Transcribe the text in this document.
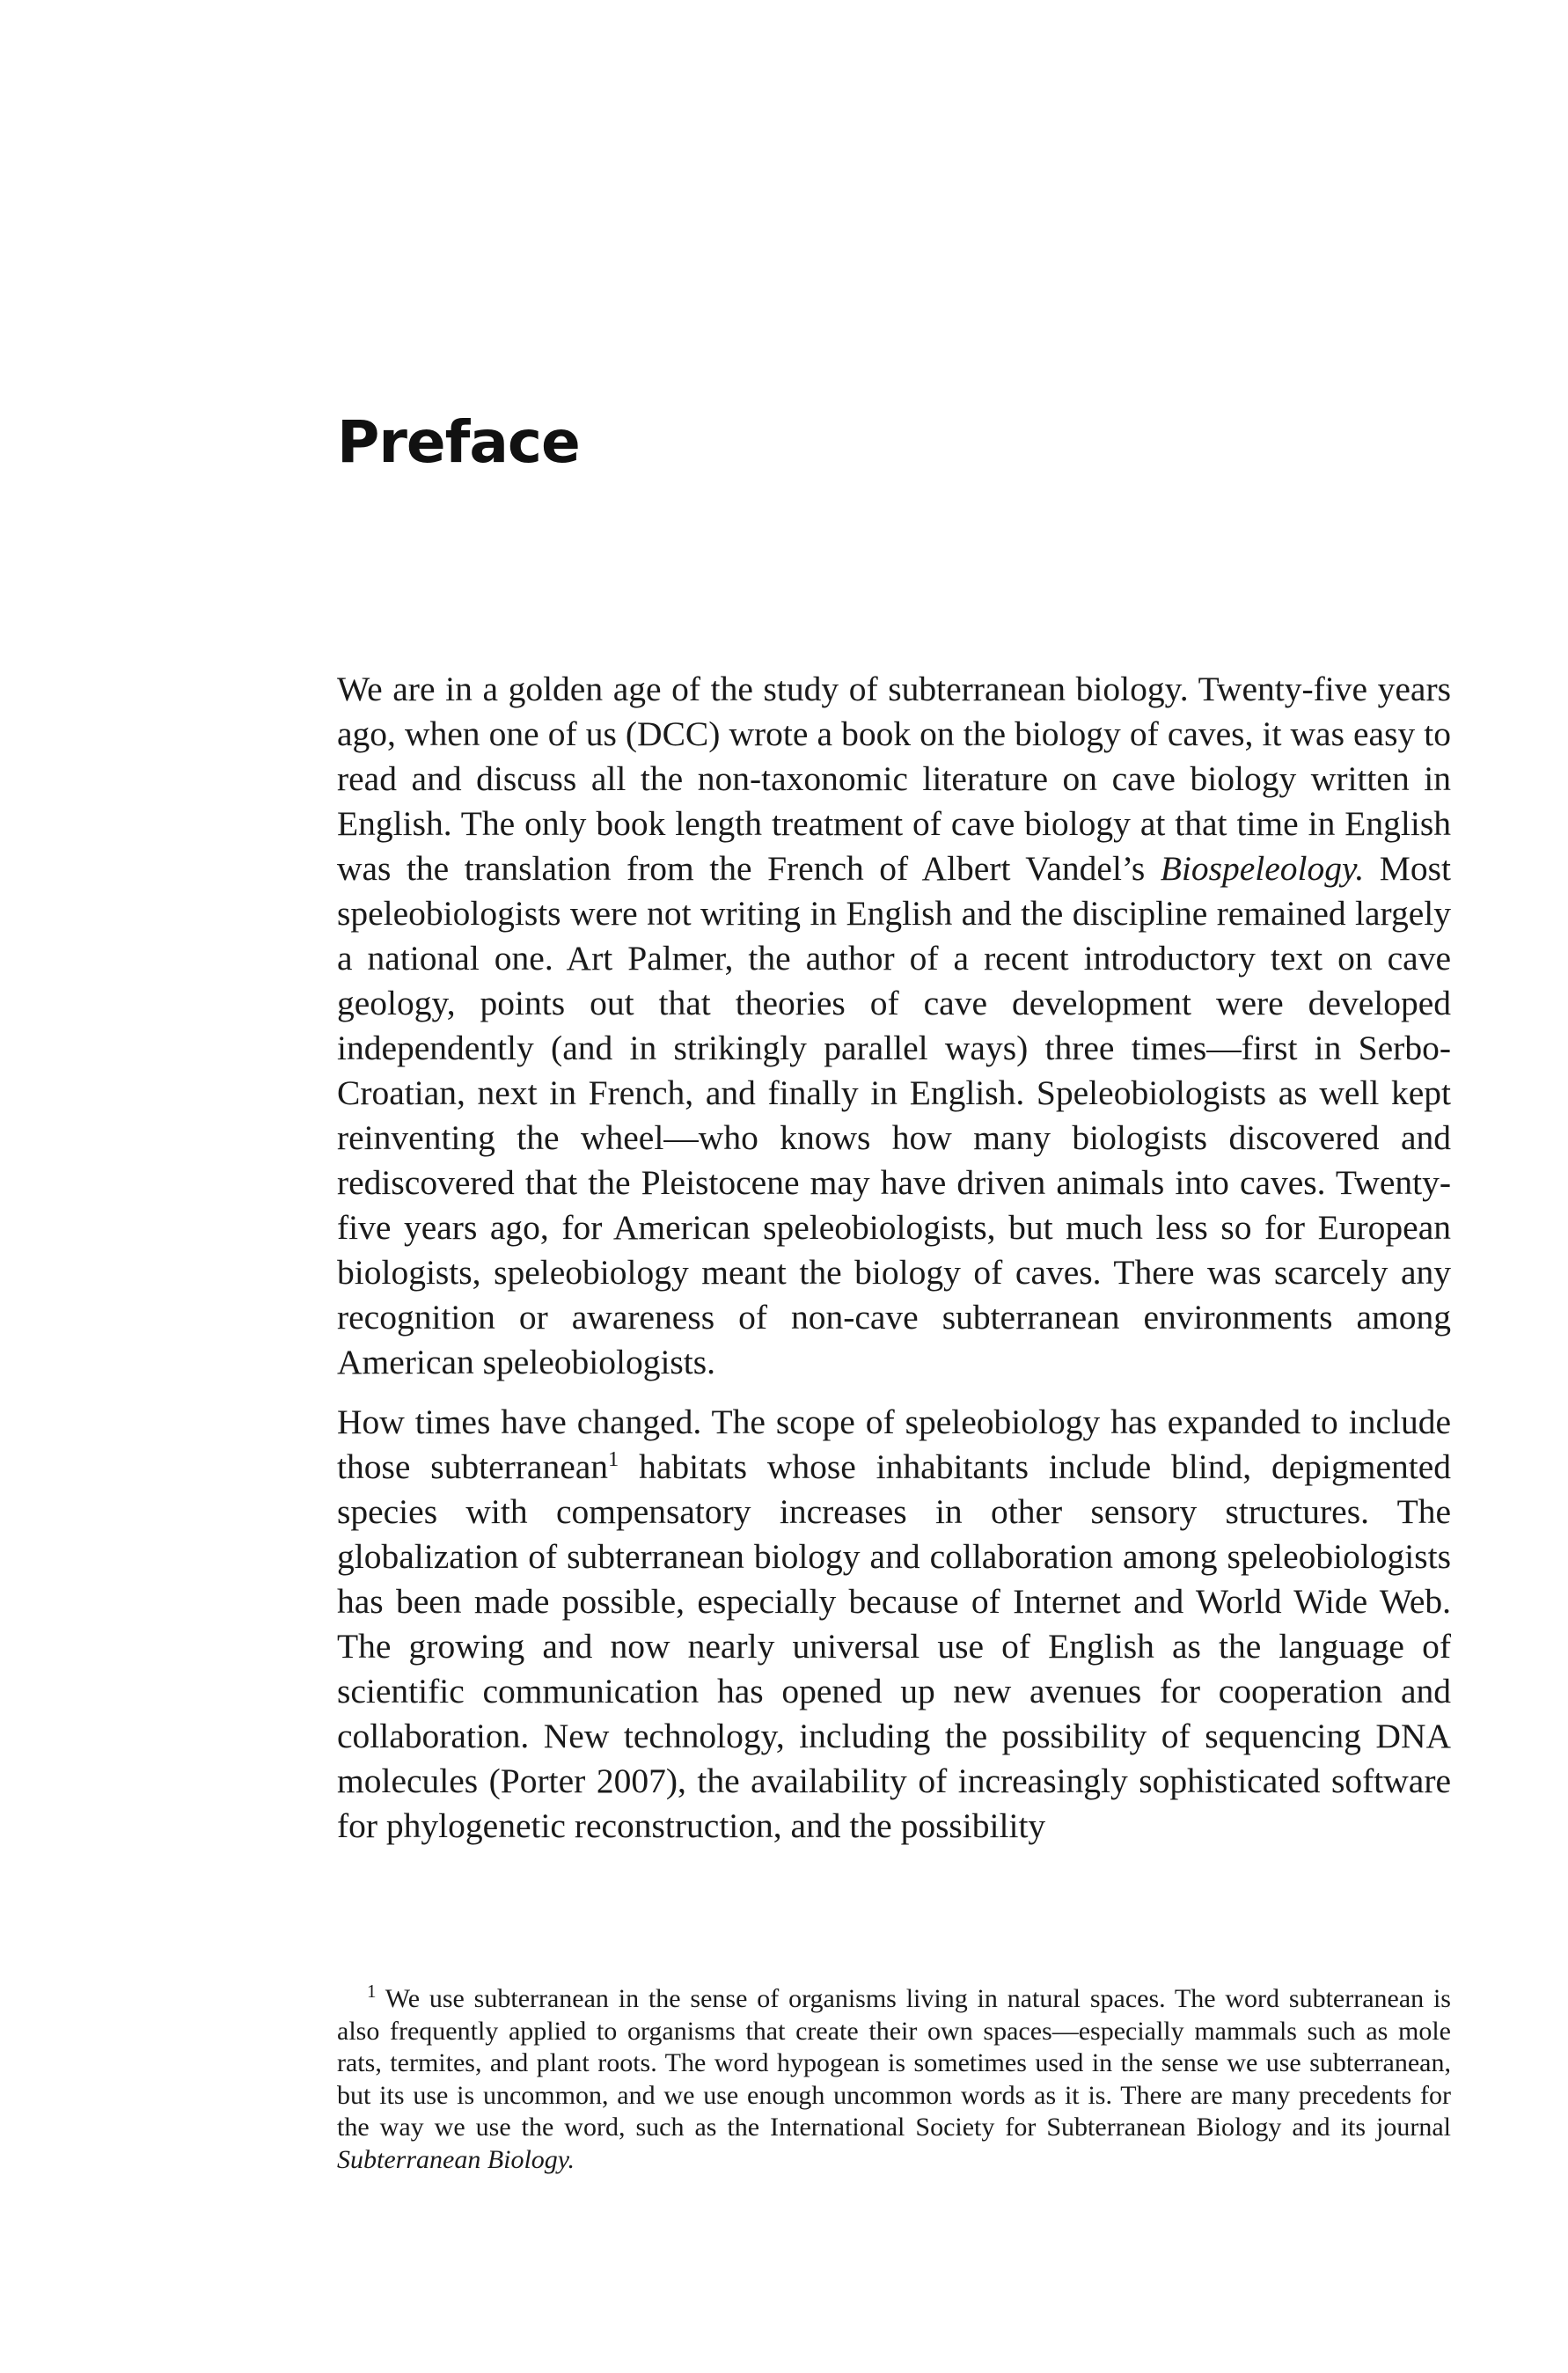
Preface

We are in a golden age of the study of subterranean biology. Twenty-five years ago, when one of us (DCC) wrote a book on the biology of caves, it was easy to read and discuss all the non-taxonomic literature on cave biology written in English. The only book length treatment of cave biology at that time in English was the translation from the French of Albert Vandel’s Biospeleology. Most speleobiologists were not writing in English and the discipline remained largely a national one. Art Palmer, the author of a recent introductory text on cave geology, points out that theories of cave development were developed independently (and in strikingly parallel ways) three times—first in Serbo-Croatian, next in French, and finally in English. Speleobiologists as well kept reinventing the wheel—who knows how many biologists discovered and rediscovered that the Pleistocene may have driven animals into caves. Twenty-five years ago, for American speleobiologists, but much less so for European biologists, speleobiology meant the biology of caves. There was scarcely any recognition or awareness of non-cave subterranean environments among American speleobiologists.

How times have changed. The scope of speleobiology has expanded to include those subterranean$^1$ habitats whose inhabitants include blind, depigmented species with compensatory increases in other sensory structures. The globalization of subterranean biology and collaboration among speleobiologists has been made possible, especially because of Internet and World Wide Web. The growing and now nearly universal use of English as the language of scientific communication has opened up new avenues for cooperation and collaboration. New technology, including the possibility of sequencing DNA molecules (Porter 2007), the availability of increasingly sophisticated software for phylogenetic reconstruction, and the possibility

$^1$ We use subterranean in the sense of organisms living in natural spaces. The word subterranean is also frequently applied to organisms that create their own spaces—especially mammals such as mole rats, termites, and plant roots. The word hypogean is sometimes used in the sense we use subterranean, but its use is uncommon, and we use enough uncommon words as it is. There are many precedents for the way we use the word, such as the International Society for Subterranean Biology and its journal Subterranean Biology.
